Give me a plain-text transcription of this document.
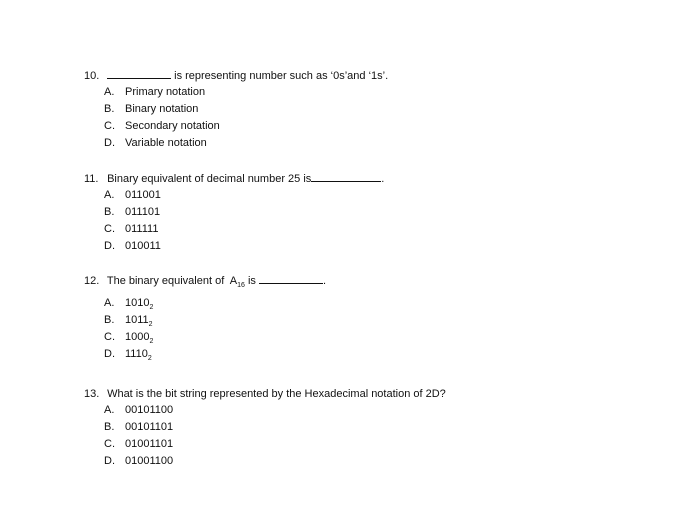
10.	is representing number such as ‘0s’and ‘1s’.
A. Primary notation
B. Binary notation
C. Secondary notation
D. Variable notation
11. Binary equivalent of decimal number 25 is	.
A. 011001
B. 011101
C. 011111
D. 010011
12. The binary equivalent of  $A_{16}$ is	.
A. $1010_2$
B. $1011_2$
C. $1000_2$
D. $1110_2$
13. What is the bit string represented by the Hexadecimal notation of 2D?
A. 00101100
B. 00101101
C. 01001101
D. 01001100
